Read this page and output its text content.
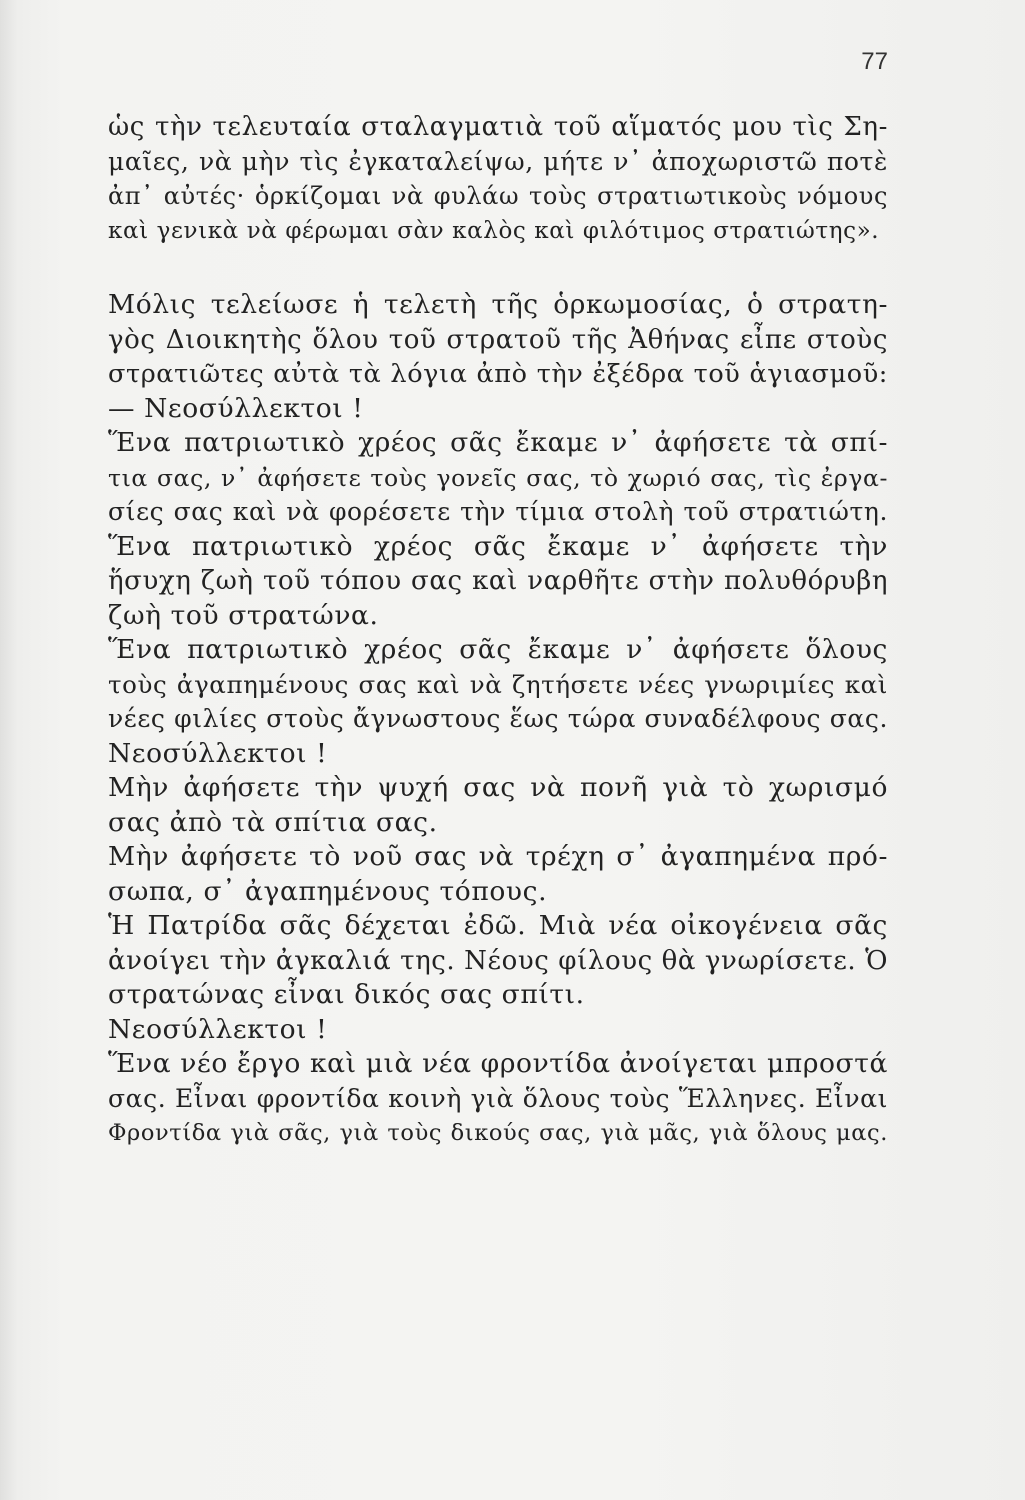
77
ὡς τὴν τελευταία σταλαγματιὰ τοῦ αἵματός μου τὶς Ση-
μαῖες, νὰ μὴν τὶς ἐγκαταλείψω, μήτε ν᾽ ἀποχωριστῶ ποτὲ
ἀπ᾽ αὐτές· ὁρκίζομαι νὰ φυλάω τοὺς στρατιωτικοὺς νόμους
καὶ γενικὰ νὰ φέρωμαι σὰν καλὸς καὶ φιλότιμος στρατιώτης».
Μόλις τελείωσε ἡ τελετὴ τῆς ὁρκωμοσίας, ὁ στρατη-
γὸς Διοικητὴς ὅλου τοῦ στρατοῦ τῆς Ἀθήνας εἶπε στοὺς
στρατιῶτες αὐτὰ τὰ λόγια ἀπὸ τὴν ἐξέδρα τοῦ ἁγιασμοῦ:
— Νεοσύλλεκτοι !
Ἕνα πατριωτικὸ χρέος σᾶς ἔκαμε ν᾽ ἀφήσετε τὰ σπί-
τια σας, ν᾽ ἀφήσετε τοὺς γονεῖς σας, τὸ χωριό σας, τὶς ἐργα-
σίες σας καὶ νὰ φορέσετε τὴν τίμια στολὴ τοῦ στρατιώτη.
Ἕνα πατριωτικὸ χρέος σᾶς ἔκαμε ν᾽ ἀφήσετε τὴν
ἥσυχη ζωὴ τοῦ τόπου σας καὶ ναρθῆτε στὴν πολυθόρυβη
ζωὴ τοῦ στρατώνα.
Ἕνα πατριωτικὸ χρέος σᾶς ἔκαμε ν᾽ ἀφήσετε ὅλους
τοὺς ἀγαπημένους σας καὶ νὰ ζητήσετε νέες γνωριμίες καὶ
νέες φιλίες στοὺς ἄγνωστους ἕως τώρα συναδέλφους σας.
Νεοσύλλεκτοι !
Μὴν ἀφήσετε τὴν ψυχή σας νὰ πονῆ γιὰ τὸ χωρισμό
σας ἀπὸ τὰ σπίτια σας.
Μὴν ἀφήσετε τὸ νοῦ σας νὰ τρέχη σ᾽ ἀγαπημένα πρό-
σωπα, σ᾽ ἀγαπημένους τόπους.
Ἡ Πατρίδα σᾶς δέχεται ἐδῶ. Μιὰ νέα οἰκογένεια σᾶς
ἀνοίγει τὴν ἀγκαλιά της. Νέους φίλους θὰ γνωρίσετε. Ὁ
στρατώνας εἶναι δικός σας σπίτι.
Νεοσύλλεκτοι !
Ἕνα νέο ἔργο καὶ μιὰ νέα φροντίδα ἀνοίγεται μπροστά
σας. Εἶναι φροντίδα κοινὴ γιὰ ὅλους τοὺς Ἕλληνες. Εἶναι
Φροντίδα γιὰ σᾶς, γιὰ τοὺς δικούς σας, γιὰ μᾶς, γιὰ ὅλους μας.
